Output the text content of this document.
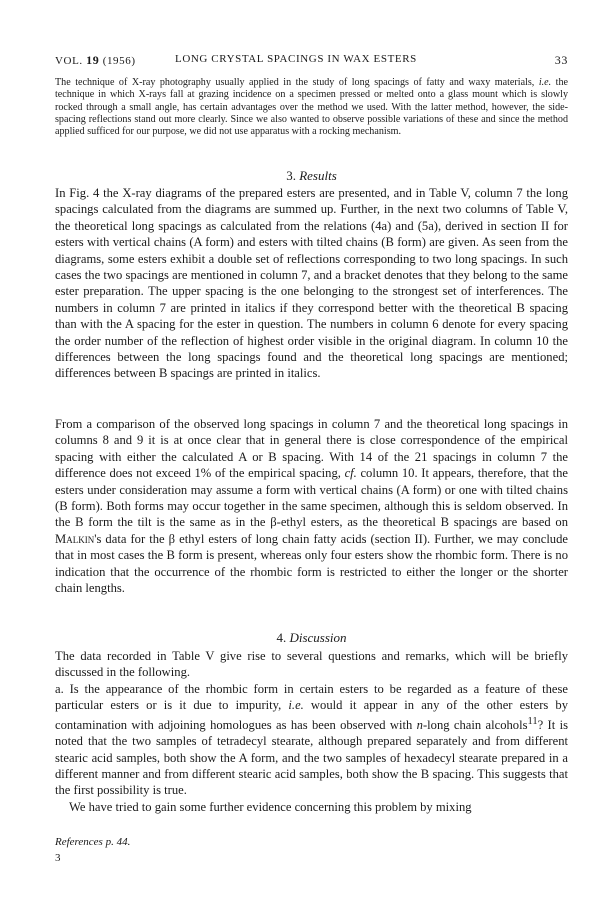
VOL. 19 (1956)	LONG CRYSTAL SPACINGS IN WAX ESTERS	33

The technique of X-ray photography usually applied in the study of long spacings of fatty and waxy materials, i.e. the technique in which X-rays fall at grazing incidence on a specimen pressed or melted onto a glass mount which is slowly rocked through a small angle, has certain advantages over the method we used. With the latter method, however, the side-spacing reflections stand out more clearly. Since we also wanted to observe possible variations of these and since the method applied sufficed for our purpose, we did not use apparatus with a rocking mechanism.

3. Results

In Fig. 4 the X-ray diagrams of the prepared esters are presented, and in Table V, column 7 the long spacings calculated from the diagrams are summed up. Further, in the next two columns of Table V, the theoretical long spacings as calculated from the relations (4a) and (5a), derived in section II for esters with vertical chains (A form) and esters with tilted chains (B form) are given. As seen from the diagrams, some esters exhibit a double set of reflections corresponding to two long spacings. In such cases the two spacings are mentioned in column 7, and a bracket denotes that they belong to the same ester preparation. The upper spacing is the one belonging to the strongest set of interferences. The numbers in column 7 are printed in italics if they correspond better with the theoretical B spacing than with the A spacing for the ester in question. The numbers in column 6 denote for every spacing the order number of the reflection of highest order visible in the original diagram. In column 10 the differences between the long spacings found and the theoretical long spacings are mentioned; differences between B spacings are printed in italics.

From a comparison of the observed long spacings in column 7 and the theoretical long spacings in columns 8 and 9 it is at once clear that in general there is close correspondence of the empirical spacing with either the calculated A or B spacing. With 14 of the 21 spacings in column 7 the difference does not exceed 1% of the empirical spacing, cf. column 10. It appears, therefore, that the esters under consideration may assume a form with vertical chains (A form) or one with tilted chains (B form). Both forms may occur together in the same specimen, although this is seldom observed. In the B form the tilt is the same as in the β-ethyl esters, as the theoretical B spacings are based on Malkin's data for the β ethyl esters of long chain fatty acids (section II). Further, we may conclude that in most cases the B form is present, whereas only four esters show the rhombic form. There is no indication that the occurrence of the rhombic form is restricted to either the longer or the shorter chain lengths.

4. Discussion

The data recorded in Table V give rise to several questions and remarks, which will be briefly discussed in the following.

a. Is the appearance of the rhombic form in certain esters to be regarded as a feature of these particular esters or is it due to impurity, i.e. would it appear in any of the other esters by contamination with adjoining homologues as has been observed with n-long chain alcohols$^{11}$? It is noted that the two samples of tetradecyl stearate, although prepared separately and from different stearic acid samples, both show the A form, and the two samples of hexadecyl stearate prepared in a different manner and from different stearic acid samples, both show the B spacing. This suggests that the first possibility is true.

We have tried to gain some further evidence concerning this problem by mixing

References p. 44.
3
